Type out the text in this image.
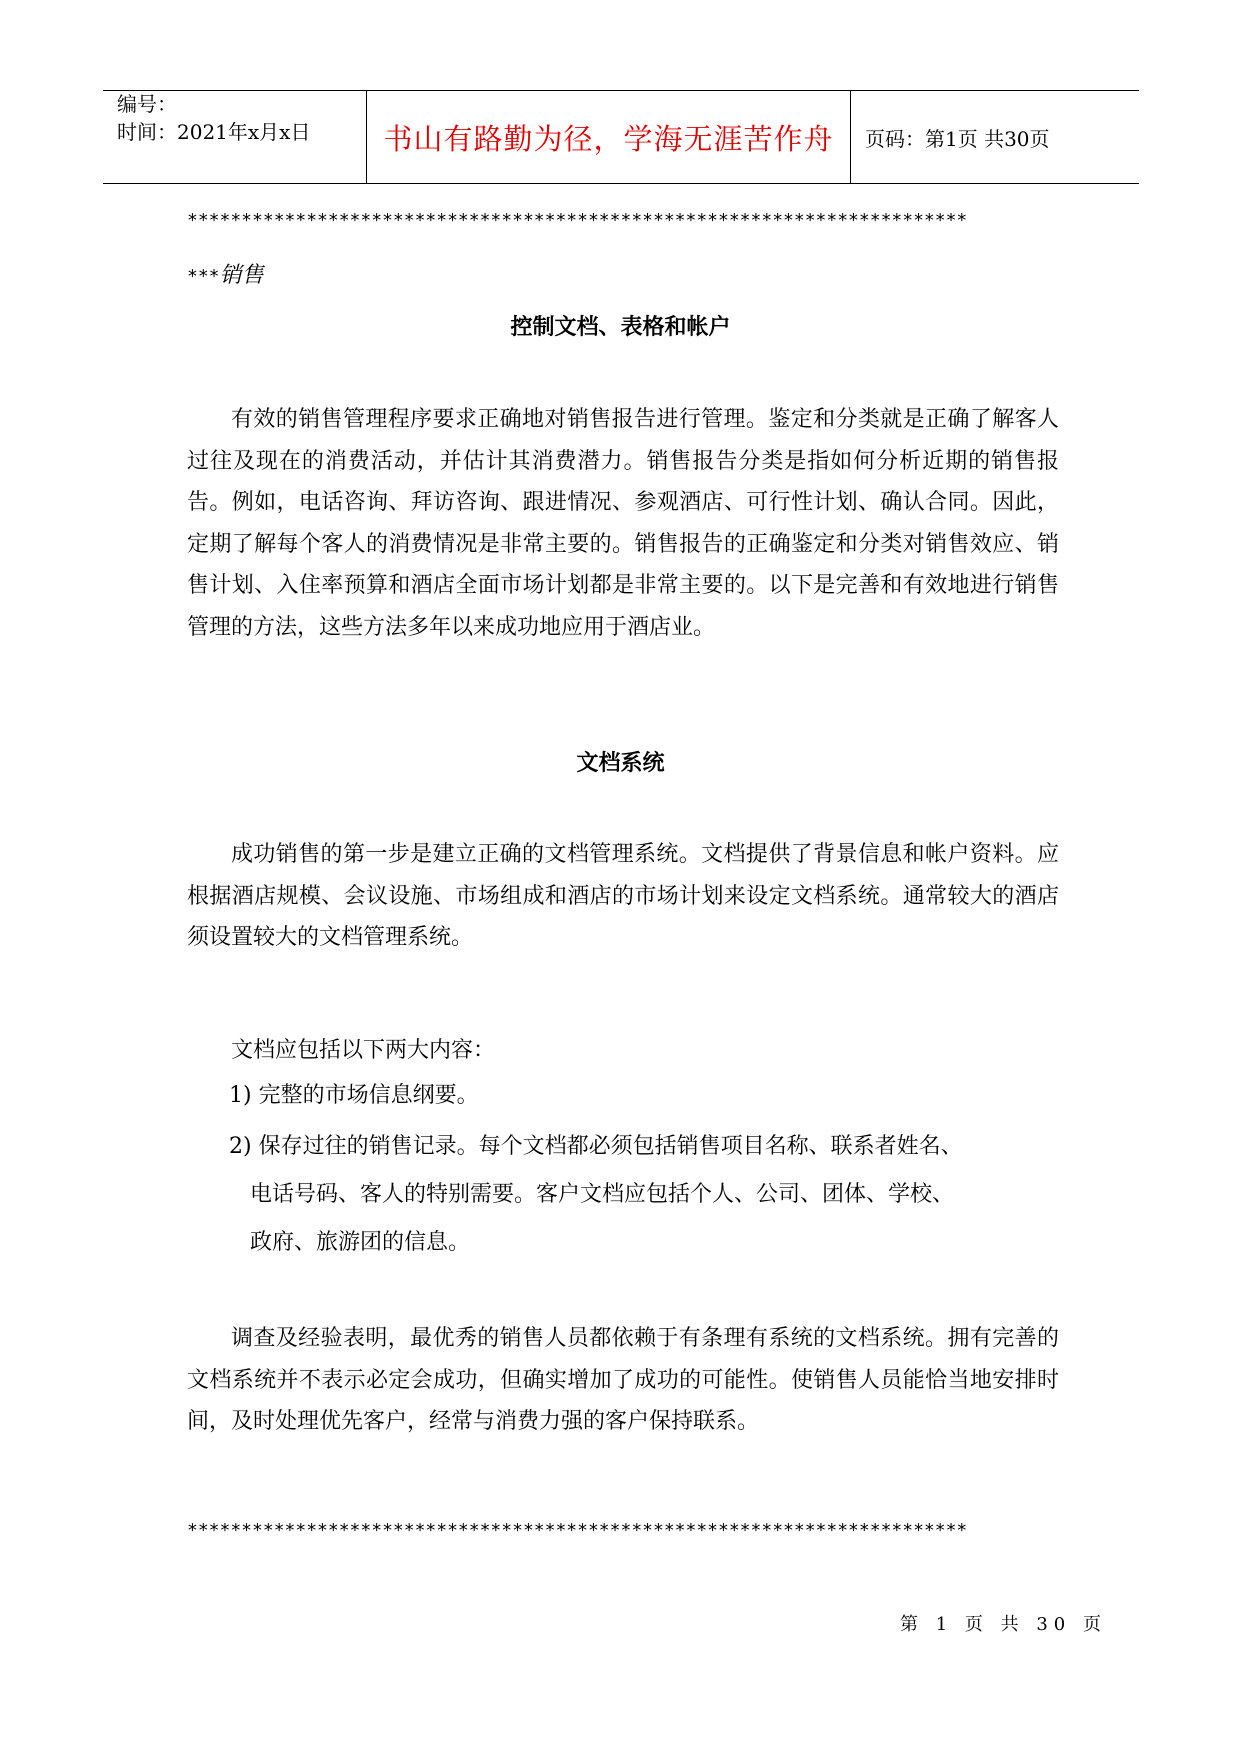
编号：
时间：2021年x月x日	书山有路勤为径，学海无涯苦作舟 页码：第1页 共30页
************************************************************************
***销售
控制文档、表格和帐户
有效的销售管理程序要求正确地对销售报告进行管理。鉴定和分类就是正确了解客人过往及现在的消费活动，并估计其消费潜力。销售报告分类是指如何分析近期的销售报告。例如，电话咨询、拜访咨询、跟进情况、参观酒店、可行性计划、确认合同。因此，定期了解每个客人的消费情况是非常主要的。销售报告的正确鉴定和分类对销售效应、销售计划、入住率预算和酒店全面市场计划都是非常主要的。以下是完善和有效地进行销售管理的方法，这些方法多年以来成功地应用于酒店业。
文档系统
成功销售的第一步是建立正确的文档管理系统。文档提供了背景信息和帐户资料。应根据酒店规模、会议设施、市场组成和酒店的市场计划来设定文档系统。通常较大的酒店须设置较大的文档管理系统。
文档应包括以下两大内容：
1) 完整的市场信息纲要。
2) 保存过往的销售记录。每个文档都必须包括销售项目名称、联系者姓名、
电话号码、客人的特别需要。客户文档应包括个人、公司、团体、学校、
政府、旅游团的信息。
调查及经验表明，最优秀的销售人员都依赖于有条理有系统的文档系统。拥有完善的文档系统并不表示必定会成功，但确实增加了成功的可能性。使销售人员能恰当地安排时间，及时处理优先客户，经常与消费力强的客户保持联系。
************************************************************************
第 1 页 共 30 页
